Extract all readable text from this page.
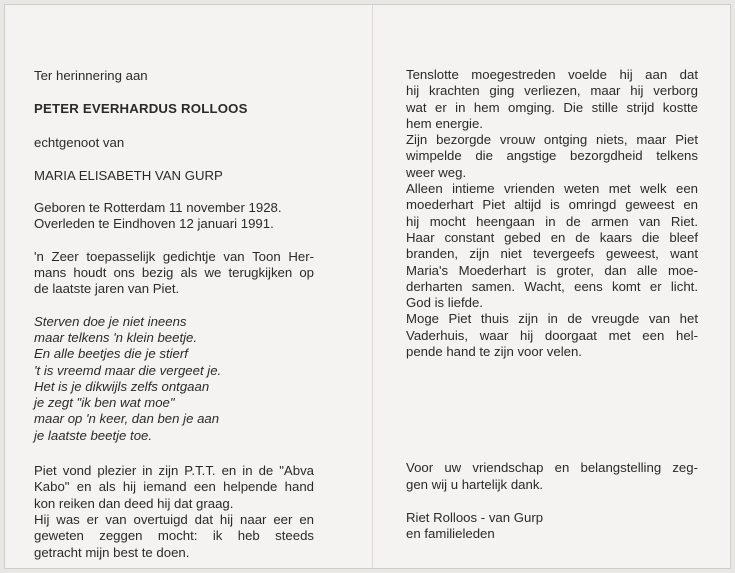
Ter herinnering aan
PETER EVERHARDUS ROLLOOS
echtgenoot van
MARIA ELISABETH VAN GURP
Geboren te Rotterdam 11 november 1928.
Overleden te Eindhoven 12 januari 1991.
'n Zeer toepasselijk gedichtje van Toon Her-
mans houdt ons bezig als we terugkijken op
de laatste jaren van Piet.
Sterven doe je niet ineens
maar telkens 'n klein beetje.
En alle beetjes die je stierf
't is vreemd maar die vergeet je.
Het is je dikwijls zelfs ontgaan
je zegt "ik ben wat moe"
maar op 'n keer, dan ben je aan
je laatste beetje toe.
Piet vond plezier in zijn P.T.T. en in de "Abva
Kabo" en als hij iemand een helpende hand
kon reiken dan deed hij dat graag.
Hij was er van overtuigd dat hij naar eer en
geweten zeggen mocht: ik heb steeds
getracht mijn best te doen.
Tenslotte moegestreden voelde hij aan dat
hij krachten ging verliezen, maar hij verborg
wat er in hem omging. Die stille strijd kostte
hem energie.
Zijn bezorgde vrouw ontging niets, maar Piet
wimpelde die angstige bezorgdheid telkens
weer weg.
Alleen intieme vrienden weten met welk een
moederhart Piet altijd is omringd geweest en
hij mocht heengaan in de armen van Riet.
Haar constant gebed en de kaars die bleef
branden, zijn niet tevergeefs geweest, want
Maria's Moederhart is groter, dan alle moe-
derharten samen. Wacht, eens komt er licht.
God is liefde.
Moge Piet thuis zijn in de vreugde van het
Vaderhuis, waar hij doorgaat met een hel-
pende hand te zijn voor velen.
Voor uw vriendschap en belangstelling zeg-
gen wij u hartelijk dank.
Riet Rolloos - van Gurp
en familieleden
